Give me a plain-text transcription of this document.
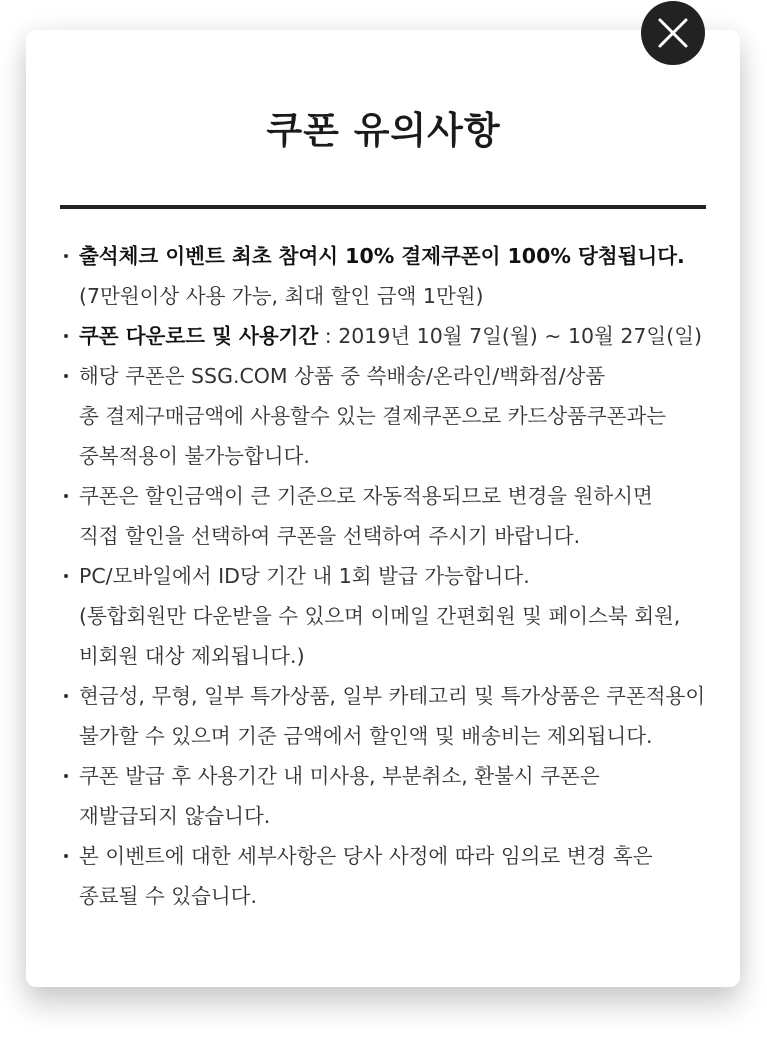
쿠폰 유의사항
출석체크 이벤트 최초 참여시 10% 결제쿠폰이 100% 당첨됩니다.
(7만원이상 사용 가능, 최대 할인 금액 1만원)
쿠폰 다운로드 및 사용기간 : 2019년 10월 7일(월) ~ 10월 27일(일)
해당 쿠폰은 SSG.COM 상품 중 쓱배송/온라인/백화점/상품
총 결제구매금액에 사용할수 있는 결제쿠폰으로 카드상품쿠폰과는
중복적용이 불가능합니다.
쿠폰은 할인금액이 큰 기준으로 자동적용되므로 변경을 원하시면
직접 할인을 선택하여 쿠폰을 선택하여 주시기 바랍니다.
PC/모바일에서 ID당 기간 내 1회 발급 가능합니다.
(통합회원만 다운받을 수 있으며 이메일 간편회원 및 페이스북 회원,
비회원 대상 제외됩니다.)
현금성, 무형, 일부 특가상품, 일부 카테고리 및 특가상품은 쿠폰적용이
불가할 수 있으며 기준 금액에서 할인액 및 배송비는 제외됩니다.
쿠폰 발급 후 사용기간 내 미사용, 부분취소, 환불시 쿠폰은
재발급되지 않습니다.
본 이벤트에 대한 세부사항은 당사 사정에 따라 임의로 변경 혹은
종료될 수 있습니다.
